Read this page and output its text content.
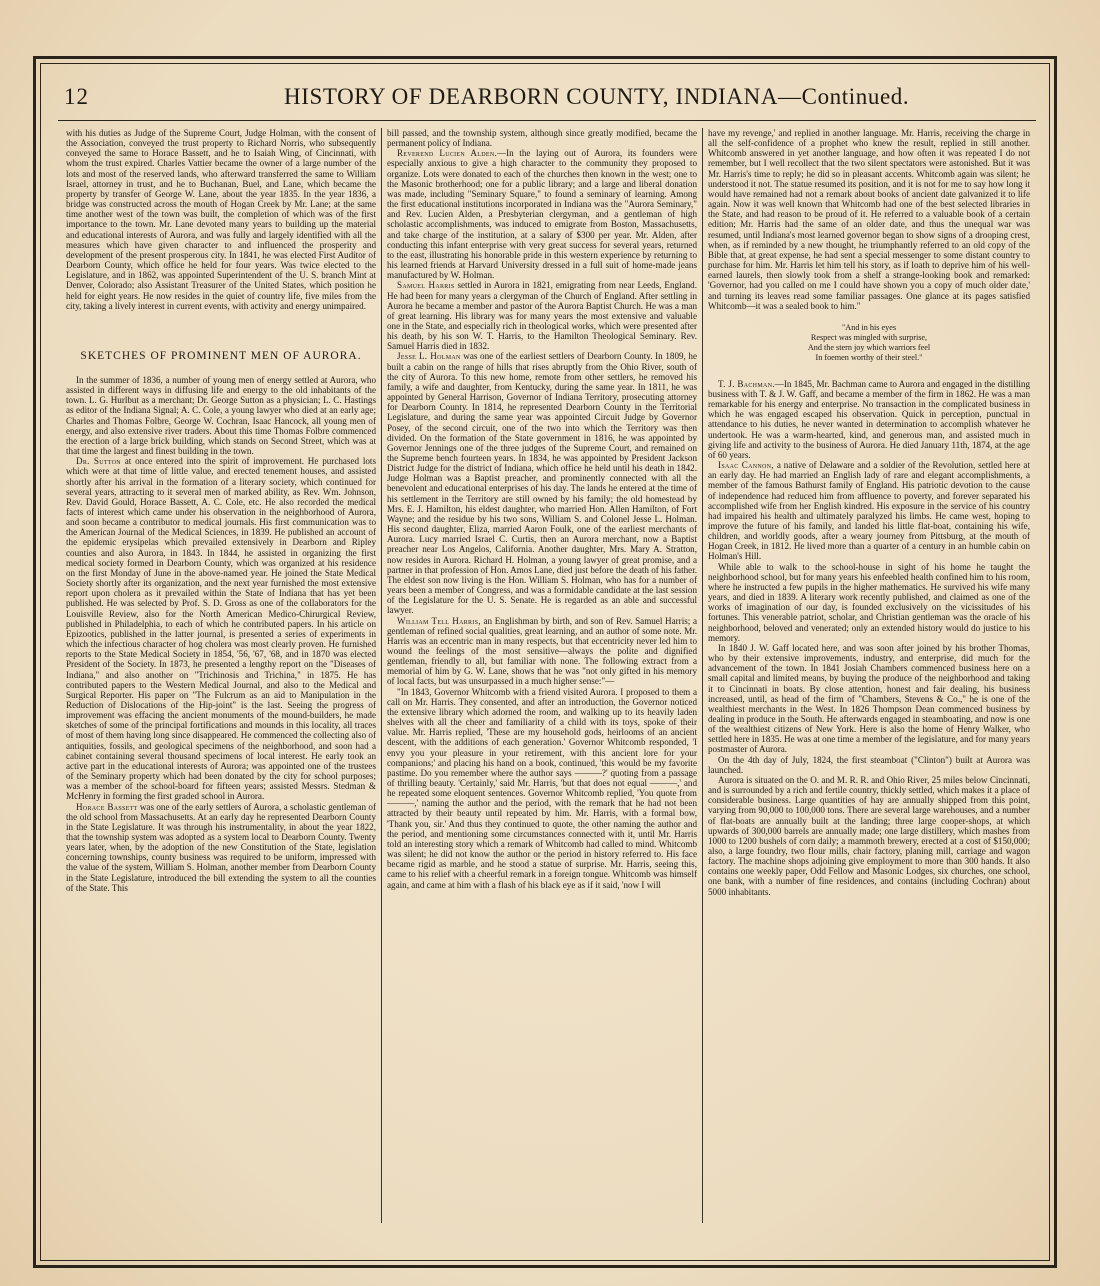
12	HISTORY OF DEARBORN COUNTY, INDIANA—Continued.

with his duties as Judge of the Supreme Court, Judge Holman, with the consent of the Association, conveyed the trust property to Richard Norris, who subsequently conveyed the same to Horace Bassett, and he to Isaiah Wing, of Cincinnati, with whom the trust expired. Charles Vattier became the owner of a large number of the lots and most of the reserved lands, who afterward transferred the same to William Israel, attorney in trust, and he to Buchanan, Buel, and Lane, which became the property by transfer of George W. Lane, about the year 1835. In the year 1836, a bridge was constructed across the mouth of Hogan Creek by Mr. Lane; at the same time another west of the town was built, the completion of which was of the first importance to the town. Mr. Lane devoted many years to building up the material and educational interests of Aurora, and was fully and largely identified with all the measures which have given character to and influenced the prosperity and development of the present prosperous city. In 1841, he was elected First Auditor of Dearborn County, which office he held for four years. Was twice elected to the Legislature, and in 1862, was appointed Superintendent of the U. S. branch Mint at Denver, Colorado; also Assistant Treasurer of the United States, which position he held for eight years. He now resides in the quiet of country life, five miles from the city, taking a lively interest in current events, with activity and energy unimpaired.

SKETCHES OF PROMINENT MEN OF AURORA.

In the summer of 1836, a number of young men of energy settled at Aurora, who assisted in different ways in diffusing life and energy to the old inhabitants of the town. L. G. Hurlbut as a merchant; Dr. George Sutton as a physician; L. C. Hastings as editor of the Indiana Signal; A. C. Cole, a young lawyer who died at an early age; Charles and Thomas Folbre, George W. Cochran, Isaac Hancock, all young men of energy, and also extensive river traders. About this time Thomas Folbre commenced the erection of a large brick building, which stands on Second Street, which was at that time the largest and finest building in the town.

Dr. Sutton at once entered into the spirit of improvement. He purchased lots which were at that time of little value, and erected tenement houses, and assisted shortly after his arrival in the formation of a literary society, which continued for several years, attracting to it several men of marked ability, as Rev. Wm. Johnson, Rev. David Gould, Horace Bassett, A. C. Cole, etc. He also recorded the medical facts of interest which came under his observation in the neighborhood of Aurora, and soon became a contributor to medical journals. His first communication was to the American Journal of the Medical Sciences, in 1839. He published an account of the epidemic erysipelas which prevailed extensively in Dearborn and Ripley counties and also Aurora, in 1843. In 1844, he assisted in organizing the first medical society formed in Dearborn County, which was organized at his residence on the first Monday of June in the above-named year. He joined the State Medical Society shortly after its organization, and the next year furnished the most extensive report upon cholera as it prevailed within the State of Indiana that has yet been published. He was selected by Prof. S. D. Gross as one of the collaborators for the Louisville Review, also for the North American Medico-Chirurgical Review, published in Philadelphia, to each of which he contributed papers. In his article on Epizootics, published in the latter journal, is presented a series of experiments in which the infectious character of hog cholera was most clearly proven. He furnished reports to the State Medical Society in 1854, '56, '67, '68, and in 1870 was elected President of the Society. In 1873, he presented a lengthy report on the "Diseases of Indiana," and also another on "Trichinosis and Trichina," in 1875. He has contributed papers to the Western Medical Journal, and also to the Medical and Surgical Reporter. His paper on "The Fulcrum as an aid to Manipulation in the Reduction of Dislocations of the Hip-joint" is the last. Seeing the progress of improvement was effacing the ancient monuments of the mound-builders, he made sketches of some of the principal fortifications and mounds in this locality, all traces of most of them having long since disappeared. He commenced the collecting also of antiquities, fossils, and geological specimens of the neighborhood, and soon had a cabinet containing several thousand specimens of local interest. He early took an active part in the educational interests of Aurora; was appointed one of the trustees of the Seminary property which had been donated by the city for school purposes; was a member of the school-board for fifteen years; assisted Messrs. Stedman & McHenry in forming the first graded school in Aurora.

Horace Bassett was one of the early settlers of Aurora, a scholastic gentleman of the old school from Massachusetts. At an early day he represented Dearborn County in the State Legislature. It was through his instrumentality, in about the year 1822, that the township system was adopted as a system local to Dearborn County. Twenty years later, when, by the adoption of the new Constitution of the State, legislation concerning townships, county business was required to be uniform, impressed with the value of the system, William S. Holman, another member from Dearborn County in the State Legislature, introduced the bill extending the system to all the counties of the State. This

bill passed, and the township system, although since greatly modified, became the permanent policy of Indiana.

Reverend Lucien Alden.—In the laying out of Aurora, its founders were especially anxious to give a high character to the community they proposed to organize. Lots were donated to each of the churches then known in the west; one to the Masonic brotherhood; one for a public library; and a large and liberal donation was made, including "Seminary Square," to found a seminary of learning. Among the first educational institutions incorporated in Indiana was the "Aurora Seminary," and Rev. Lucien Alden, a Presbyterian clergyman, and a gentleman of high scholastic accomplishments, was induced to emigrate from Boston, Massachusetts, and take charge of the institution, at a salary of $300 per year. Mr. Alden, after conducting this infant enterprise with very great success for several years, returned to the east, illustrating his honorable pride in this western experience by returning to his learned friends at Harvard University dressed in a full suit of home-made jeans manufactured by W. Holman.

Samuel Harris settled in Aurora in 1821, emigrating from near Leeds, England. He had been for many years a clergyman of the Church of England. After settling in Aurora he became a member and pastor of the Aurora Baptist Church. He was a man of great learning. His library was for many years the most extensive and valuable one in the State, and especially rich in theological works, which were presented after his death, by his son W. T. Harris, to the Hamilton Theological Seminary. Rev. Samuel Harris died in 1832.

Jesse L. Holman was one of the earliest settlers of Dearborn County. In 1809, he built a cabin on the range of hills that rises abruptly from the Ohio River, south of the city of Aurora. To this new home, remote from other settlers, he removed his family, a wife and daughter, from Kentucky, during the same year. In 1811, he was appointed by General Harrison, Governor of Indiana Territory, prosecuting attorney for Dearborn County. In 1814, he represented Dearborn County in the Territorial Legislature, and during the same year was appointed Circuit Judge by Governor Posey, of the second circuit, one of the two into which the Territory was then divided. On the formation of the State government in 1816, he was appointed by Governor Jennings one of the three judges of the Supreme Court, and remained on the Supreme bench fourteen years. In 1834, he was appointed by President Jackson District Judge for the district of Indiana, which office he held until his death in 1842. Judge Holman was a Baptist preacher, and prominently connected with all the benevolent and educational enterprises of his day. The lands he entered at the time of his settlement in the Territory are still owned by his family; the old homestead by Mrs. E. J. Hamilton, his eldest daughter, who married Hon. Allen Hamilton, of Fort Wayne; and the residue by his two sons, William S. and Colonel Jesse L. Holman. His second daughter, Eliza, married Aaron Foulk, one of the earliest merchants of Aurora. Lucy married Israel C. Curtis, then an Aurora merchant, now a Baptist preacher near Los Angelos, California. Another daughter, Mrs. Mary A. Stratton, now resides in Aurora. Richard H. Holman, a young lawyer of great promise, and a partner in that profession of Hon. Amos Lane, died just before the death of his father. The eldest son now living is the Hon. William S. Holman, who has for a number of years been a member of Congress, and was a formidable candidate at the last session of the Legislature for the U. S. Senate. He is regarded as an able and successful lawyer.

William Tell Harris, an Englishman by birth, and son of Rev. Samuel Harris; a gentleman of refined social qualities, great learning, and an author of some note. Mr. Harris was an eccentric man in many respects, but that eccentricity never led him to wound the feelings of the most sensitive—always the polite and dignified gentleman, friendly to all, but familiar with none. The following extract from a memorial of him by G. W. Lane, shows that he was "not only gifted in his memory of local facts, but was unsurpassed in a much higher sense:"—

"In 1843, Governor Whitcomb with a friend visited Aurora. I proposed to them a call on Mr. Harris. They consented, and after an introduction, the Governor noticed the extensive library which adorned the room, and walking up to its heavily laden shelves with all the cheer and familiarity of a child with its toys, spoke of their value. Mr. Harris replied, 'These are my household gods, heirlooms of an ancient descent, with the additions of each generation.' Governor Whitcomb responded, 'I envy you your pleasure in your retirement, with this ancient lore for your companions;' and placing his hand on a book, continued, 'this would be my favorite pastime. Do you remember where the author says ———?' quoting from a passage of thrilling beauty. 'Certainly,' said Mr. Harris, 'but that does not equal ———,' and he repeated some eloquent sentences. Governor Whitcomb replied, 'You quote from ———,' naming the author and the period, with the remark that he had not been attracted by their beauty until repeated by him. Mr. Harris, with a formal bow, 'Thank you, sir.' And thus they continued to quote, the other naming the author and the period, and mentioning some circumstances connected with it, until Mr. Harris told an interesting story which a remark of Whitcomb had called to mind. Whitcomb was silent; he did not know the author or the period in history referred to. His face became rigid as marble, and he stood a statue of surprise. Mr. Harris, seeing this, came to his relief with a cheerful remark in a foreign tongue. Whitcomb was himself again, and came at him with a flash of his black eye as if it said, 'now I will

have my revenge,' and replied in another language. Mr. Harris, receiving the charge in all the self-confidence of a prophet who knew the result, replied in still another. Whitcomb answered in yet another language, and how often it was repeated I do not remember, but I well recollect that the two silent spectators were astonished. But it was Mr. Harris's time to reply; he did so in pleasant accents. Whitcomb again was silent; he understood it not. The statue resumed its position, and it is not for me to say how long it would have remained had not a remark about books of ancient date galvanized it to life again. Now it was well known that Whitcomb had one of the best selected libraries in the State, and had reason to be proud of it. He referred to a valuable book of a certain edition; Mr. Harris had the same of an older date, and thus the unequal war was resumed, until Indiana's most learned governor began to show signs of a drooping crest, when, as if reminded by a new thought, he triumphantly referred to an old copy of the Bible that, at great expense, he had sent a special messenger to some distant country to purchase for him. Mr. Harris let him tell his story, as if loath to deprive him of his well-earned laurels, then slowly took from a shelf a strange-looking book and remarked: 'Governor, had you called on me I could have shown you a copy of much older date,' and turning its leaves read some familiar passages. One glance at its pages satisfied Whitcomb—it was a sealed book to him."

"And in his eyes
Respect was mingled with surprise,
And the stern joy which warriors feel
In foemen worthy of their steel."

T. J. Bachman.—In 1845, Mr. Bachman came to Aurora and engaged in the distilling business with T. & J. W. Gaff, and became a member of the firm in 1862. He was a man remarkable for his energy and enterprise. No transaction in the complicated business in which he was engaged escaped his observation. Quick in perception, punctual in attendance to his duties, he never wanted in determination to accomplish whatever he undertook. He was a warm-hearted, kind, and generous man, and assisted much in giving life and activity to the business of Aurora. He died January 11th, 1874, at the age of 60 years.

Isaac Cannon, a native of Delaware and a soldier of the Revolution, settled here at an early day. He had married an English lady of rare and elegant accomplishments, a member of the famous Bathurst family of England. His patriotic devotion to the cause of independence had reduced him from affluence to poverty, and forever separated his accomplished wife from her English kindred. His exposure in the service of his country had impaired his health and ultimately paralyzed his limbs. He came west, hoping to improve the future of his family, and landed his little flat-boat, containing his wife, children, and worldly goods, after a weary journey from Pittsburg, at the mouth of Hogan Creek, in 1812. He lived more than a quarter of a century in an humble cabin on Holman's Hill.

While able to walk to the school-house in sight of his home he taught the neighborhood school, but for many years his enfeebled health confined him to his room, where he instructed a few pupils in the higher mathematics. He survived his wife many years, and died in 1839. A literary work recently published, and claimed as one of the works of imagination of our day, is founded exclusively on the vicissitudes of his fortunes. This venerable patriot, scholar, and Christian gentleman was the oracle of his neighborhood, beloved and venerated; only an extended history would do justice to his memory.

In 1840 J. W. Gaff located here, and was soon after joined by his brother Thomas, who by their extensive improvements, industry, and enterprise, did much for the advancement of the town. In 1841 Josiah Chambers commenced business here on a small capital and limited means, by buying the produce of the neighborhood and taking it to Cincinnati in boats. By close attention, honest and fair dealing, his business increased, until, as head of the firm of "Chambers, Stevens & Co.," he is one of the wealthiest merchants in the West. In 1826 Thompson Dean commenced business by dealing in produce in the South. He afterwards engaged in steamboating, and now is one of the wealthiest citizens of New York. Here is also the home of Henry Walker, who settled here in 1835. He was at one time a member of the legislature, and for many years postmaster of Aurora.

On the 4th day of July, 1824, the first steamboat ("Clinton") built at Aurora was launched.

Aurora is situated on the O. and M. R. R. and Ohio River, 25 miles below Cincinnati, and is surrounded by a rich and fertile country, thickly settled, which makes it a place of considerable business. Large quantities of hay are annually shipped from this point, varying from 90,000 to 100,000 tons. There are several large warehouses, and a number of flat-boats are annually built at the landing; three large cooper-shops, at which upwards of 300,000 barrels are annually made; one large distillery, which mashes from 1000 to 1200 bushels of corn daily; a mammoth brewery, erected at a cost of $150,000; also, a large foundry, two flour mills, chair factory, planing mill, carriage and wagon factory. The machine shops adjoining give employment to more than 300 hands. It also contains one weekly paper, Odd Fellow and Masonic Lodges, six churches, one school, one bank, with a number of fine residences, and contains (including Cochran) about 5000 inhabitants.
